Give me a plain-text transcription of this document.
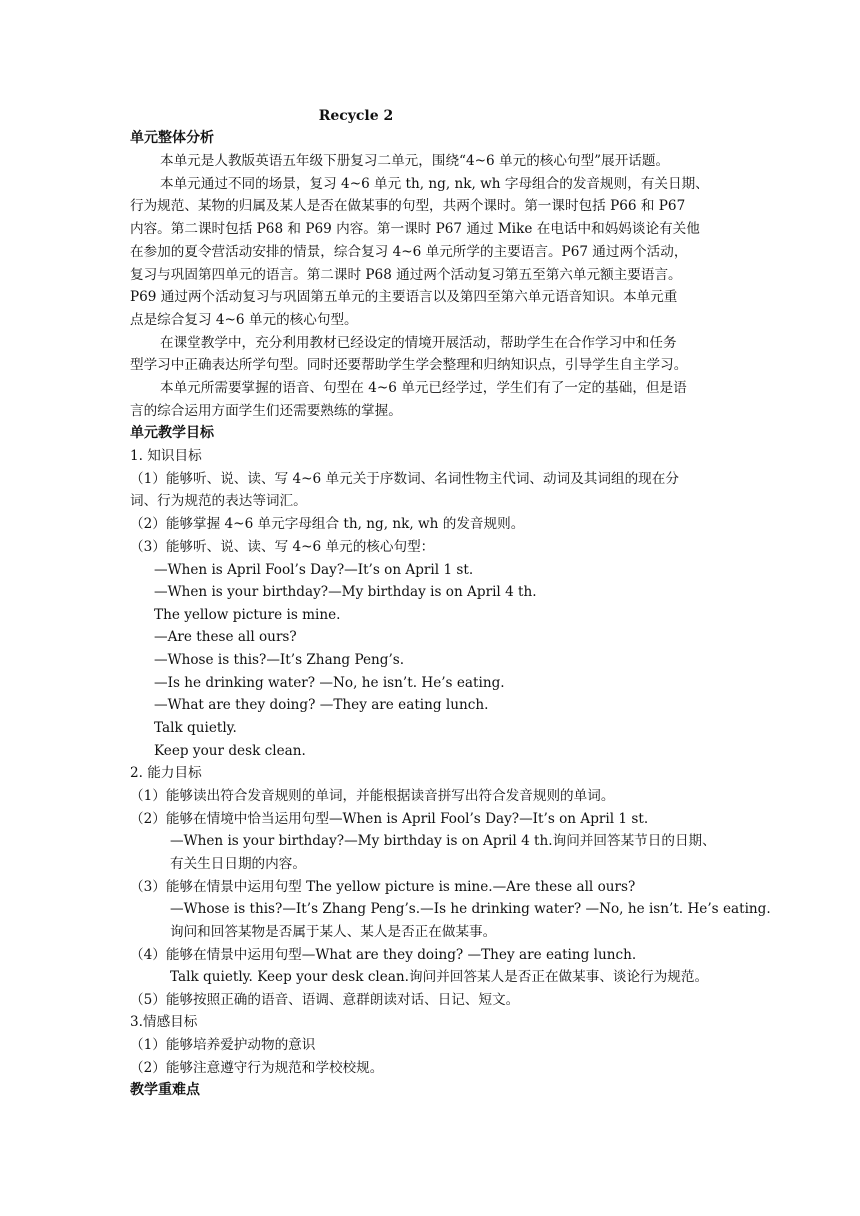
Recycle 2
单元整体分析
本单元是人教版英语五年级下册复习二单元，围绕“4~6 单元的核心句型”展开话题。
本单元通过不同的场景，复习 4~6 单元 th, ng, nk, wh 字母组合的发音规则，有关日期、
行为规范、某物的归属及某人是否在做某事的句型，共两个课时。第一课时包括 P66 和 P67
内容。第二课时包括 P68 和 P69 内容。第一课时 P67 通过 Mike 在电话中和妈妈谈论有关他
在参加的夏令营活动安排的情景，综合复习 4~6 单元所学的主要语言。P67 通过两个活动，
复习与巩固第四单元的语言。第二课时 P68 通过两个活动复习第五至第六单元额主要语言。
P69 通过两个活动复习与巩固第五单元的主要语言以及第四至第六单元语音知识。本单元重
点是综合复习 4~6 单元的核心句型。
在课堂教学中，充分利用教材已经设定的情境开展活动，帮助学生在合作学习中和任务
型学习中正确表达所学句型。同时还要帮助学生学会整理和归纳知识点，引导学生自主学习。
本单元所需要掌握的语音、句型在 4~6 单元已经学过，学生们有了一定的基础，但是语
言的综合运用方面学生们还需要熟练的掌握。
单元教学目标
1. 知识目标
（1）能够听、说、读、写 4~6 单元关于序数词、名词性物主代词、动词及其词组的现在分
词、行为规范的表达等词汇。
（2）能够掌握 4~6 单元字母组合 th, ng, nk, wh 的发音规则。
（3）能够听、说、读、写 4~6 单元的核心句型：
—When is April Fool’s Day?—It’s on April 1 st.
—When is your birthday?—My birthday is on April 4 th.
The yellow picture is mine.
—Are these all ours?
—Whose is this?—It’s Zhang Peng’s.
—Is he drinking water? —No, he isn’t. He’s eating.
—What are they doing? —They are eating lunch.
Talk quietly.
Keep your desk clean.
2. 能力目标
（1）能够读出符合发音规则的单词，并能根据读音拼写出符合发音规则的单词。
（2）能够在情境中恰当运用句型—When is April Fool’s Day?—It’s on April 1 st.
—When is your birthday?—My birthday is on April 4 th.询问并回答某节日的日期、
有关生日日期的内容。
（3）能够在情景中运用句型 The yellow picture is mine.—Are these all ours?
—Whose is this?—It’s Zhang Peng’s.—Is he drinking water? —No, he isn’t. He’s eating.
询问和回答某物是否属于某人、某人是否正在做某事。
（4）能够在情景中运用句型—What are they doing? —They are eating lunch.
Talk quietly. Keep your desk clean.询问并回答某人是否正在做某事、谈论行为规范。
（5）能够按照正确的语音、语调、意群朗读对话、日记、短文。
3.情感目标
（1）能够培养爱护动物的意识
（2）能够注意遵守行为规范和学校校规。
教学重难点
